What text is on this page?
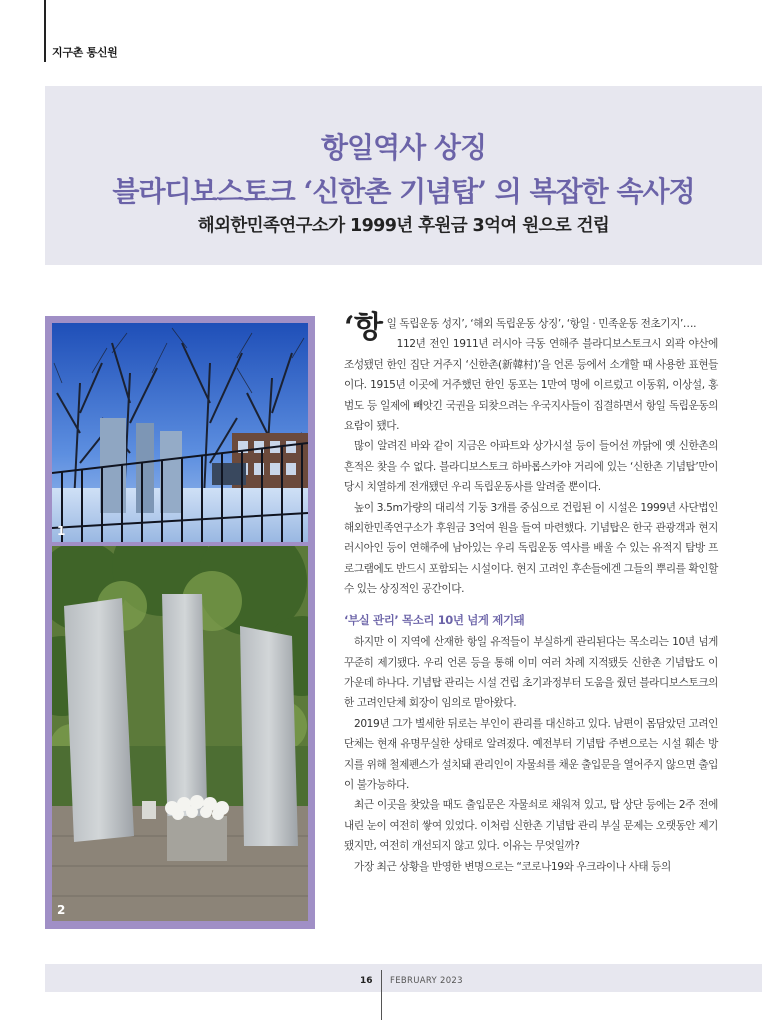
지구촌 통신원
항일역사 상징
블라디보스토크 ‘신한촌 기념탑’ 의 복잡한 속사정
해외한민족연구소가 1999년 후원금 3억여 원으로 건립
1
2

‘항일 독립운동 성지’, ‘해외 독립운동 상징’, ‘항일 · 민족운동 전초기지’….

112년 전인 1911년 러시아 극동 연해주 블라디보스토크시 외곽 야산에 조성됐던 한인 집단 거주지 ‘신한촌(新韓村)’을 언론 등에서 소개할 때 사용한 표현들이다. 1915년 이곳에 거주했던 한인 동포는 1만여 명에 이르렀고 이동휘, 이상설, 홍범도 등 일제에 빼앗긴 국권을 되찾으려는 우국지사들이 집결하면서 항일 독립운동의 요람이 됐다.

많이 알려진 바와 같이 지금은 아파트와 상가시설 등이 들어선 까닭에 옛 신한촌의 흔적은 찾을 수 없다. 블라디보스토크 하바롭스카야 거리에 있는 ‘신한촌 기념탑’만이 당시 치열하게 전개됐던 우리 독립운동사를 알려줄 뿐이다.

높이 3.5m가량의 대리석 기둥 3개를 중심으로 건립된 이 시설은 1999년 사단법인 해외한민족연구소가 후원금 3억여 원을 들여 마련했다. 기념탑은 한국 관광객과 현지 러시아인 등이 연해주에 남아있는 우리 독립운동 역사를 배울 수 있는 유적지 탐방 프로그램에도 반드시 포함되는 시설이다. 현지 고려인 후손들에겐 그들의 뿌리를 확인할 수 있는 상징적인 공간이다.

‘부실 관리’ 목소리 10년 넘게 제기돼

하지만 이 지역에 산재한 항일 유적들이 부실하게 관리된다는 목소리는 10년 넘게 꾸준히 제기됐다. 우리 언론 등을 통해 이미 여러 차례 지적됐듯 신한촌 기념탑도 이 가운데 하나다. 기념탑 관리는 시설 건립 초기과정부터 도움을 줬던 블라디보스토크의 한 고려인단체 회장이 임의로 맡아왔다.

2019년 그가 별세한 뒤로는 부인이 관리를 대신하고 있다. 남편이 몸담았던 고려인단체는 현재 유명무실한 상태로 알려졌다. 예전부터 기념탑 주변으로는 시설 훼손 방지를 위해 철제펜스가 설치돼 관리인이 자물쇠를 채운 출입문을 열어주지 않으면 출입이 불가능하다.

최근 이곳을 찾았을 때도 출입문은 자물쇠로 채워져 있고, 탑 상단 등에는 2주 전에 내린 눈이 여전히 쌓여 있었다. 이처럼 신한촌 기념탑 관리 부실 문제는 오랫동안 제기됐지만, 여전히 개선되지 않고 있다. 이유는 무엇일까?

가장 최근 상황을 반영한 변명으로는 “코로나19와 우크라이나 사태 등의

16 FEBRUARY 2023
